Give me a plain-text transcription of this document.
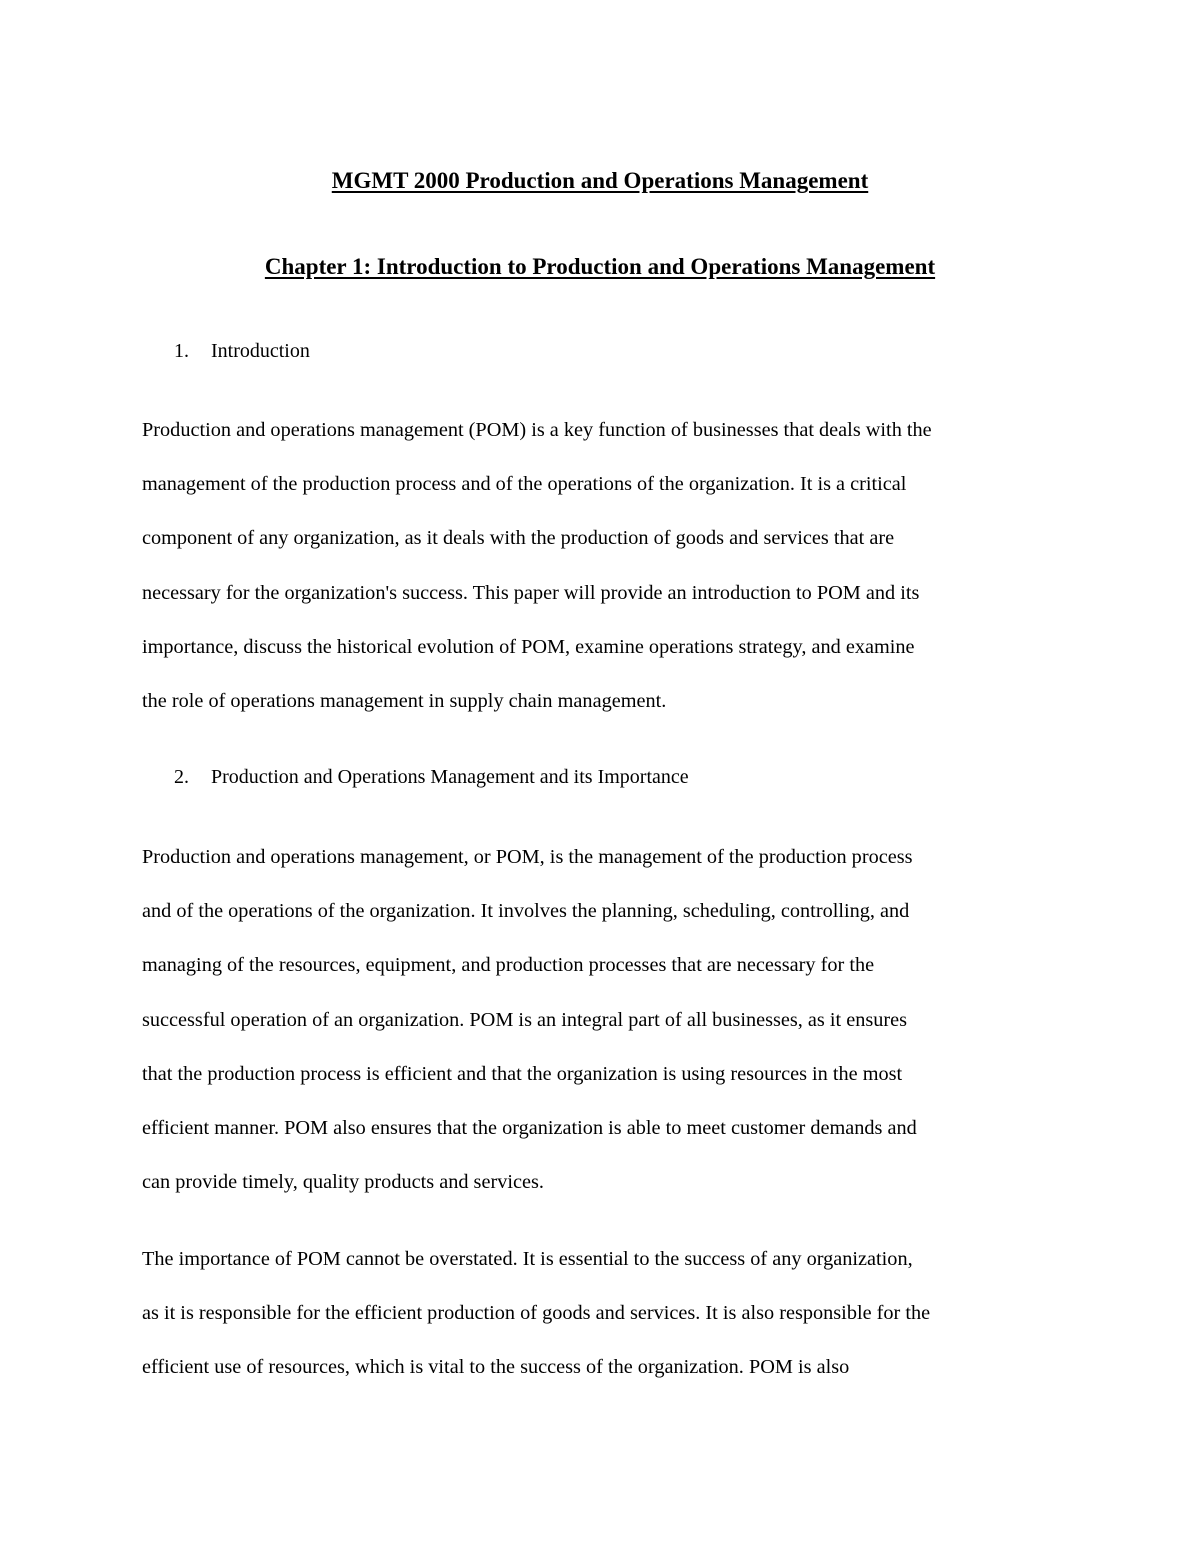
MGMT 2000 Production and Operations Management
Chapter 1: Introduction to Production and Operations Management
1. Introduction
Production and operations management (POM) is a key function of businesses that deals with the
management of the production process and of the operations of the organization. It is a critical
component of any organization, as it deals with the production of goods and services that are
necessary for the organization's success. This paper will provide an introduction to POM and its
importance, discuss the historical evolution of POM, examine operations strategy, and examine
the role of operations management in supply chain management.
2. Production and Operations Management and its Importance
Production and operations management, or POM, is the management of the production process
and of the operations of the organization. It involves the planning, scheduling, controlling, and
managing of the resources, equipment, and production processes that are necessary for the
successful operation of an organization. POM is an integral part of all businesses, as it ensures
that the production process is efficient and that the organization is using resources in the most
efficient manner. POM also ensures that the organization is able to meet customer demands and
can provide timely, quality products and services.
The importance of POM cannot be overstated. It is essential to the success of any organization,
as it is responsible for the efficient production of goods and services. It is also responsible for the
efficient use of resources, which is vital to the success of the organization. POM is also
